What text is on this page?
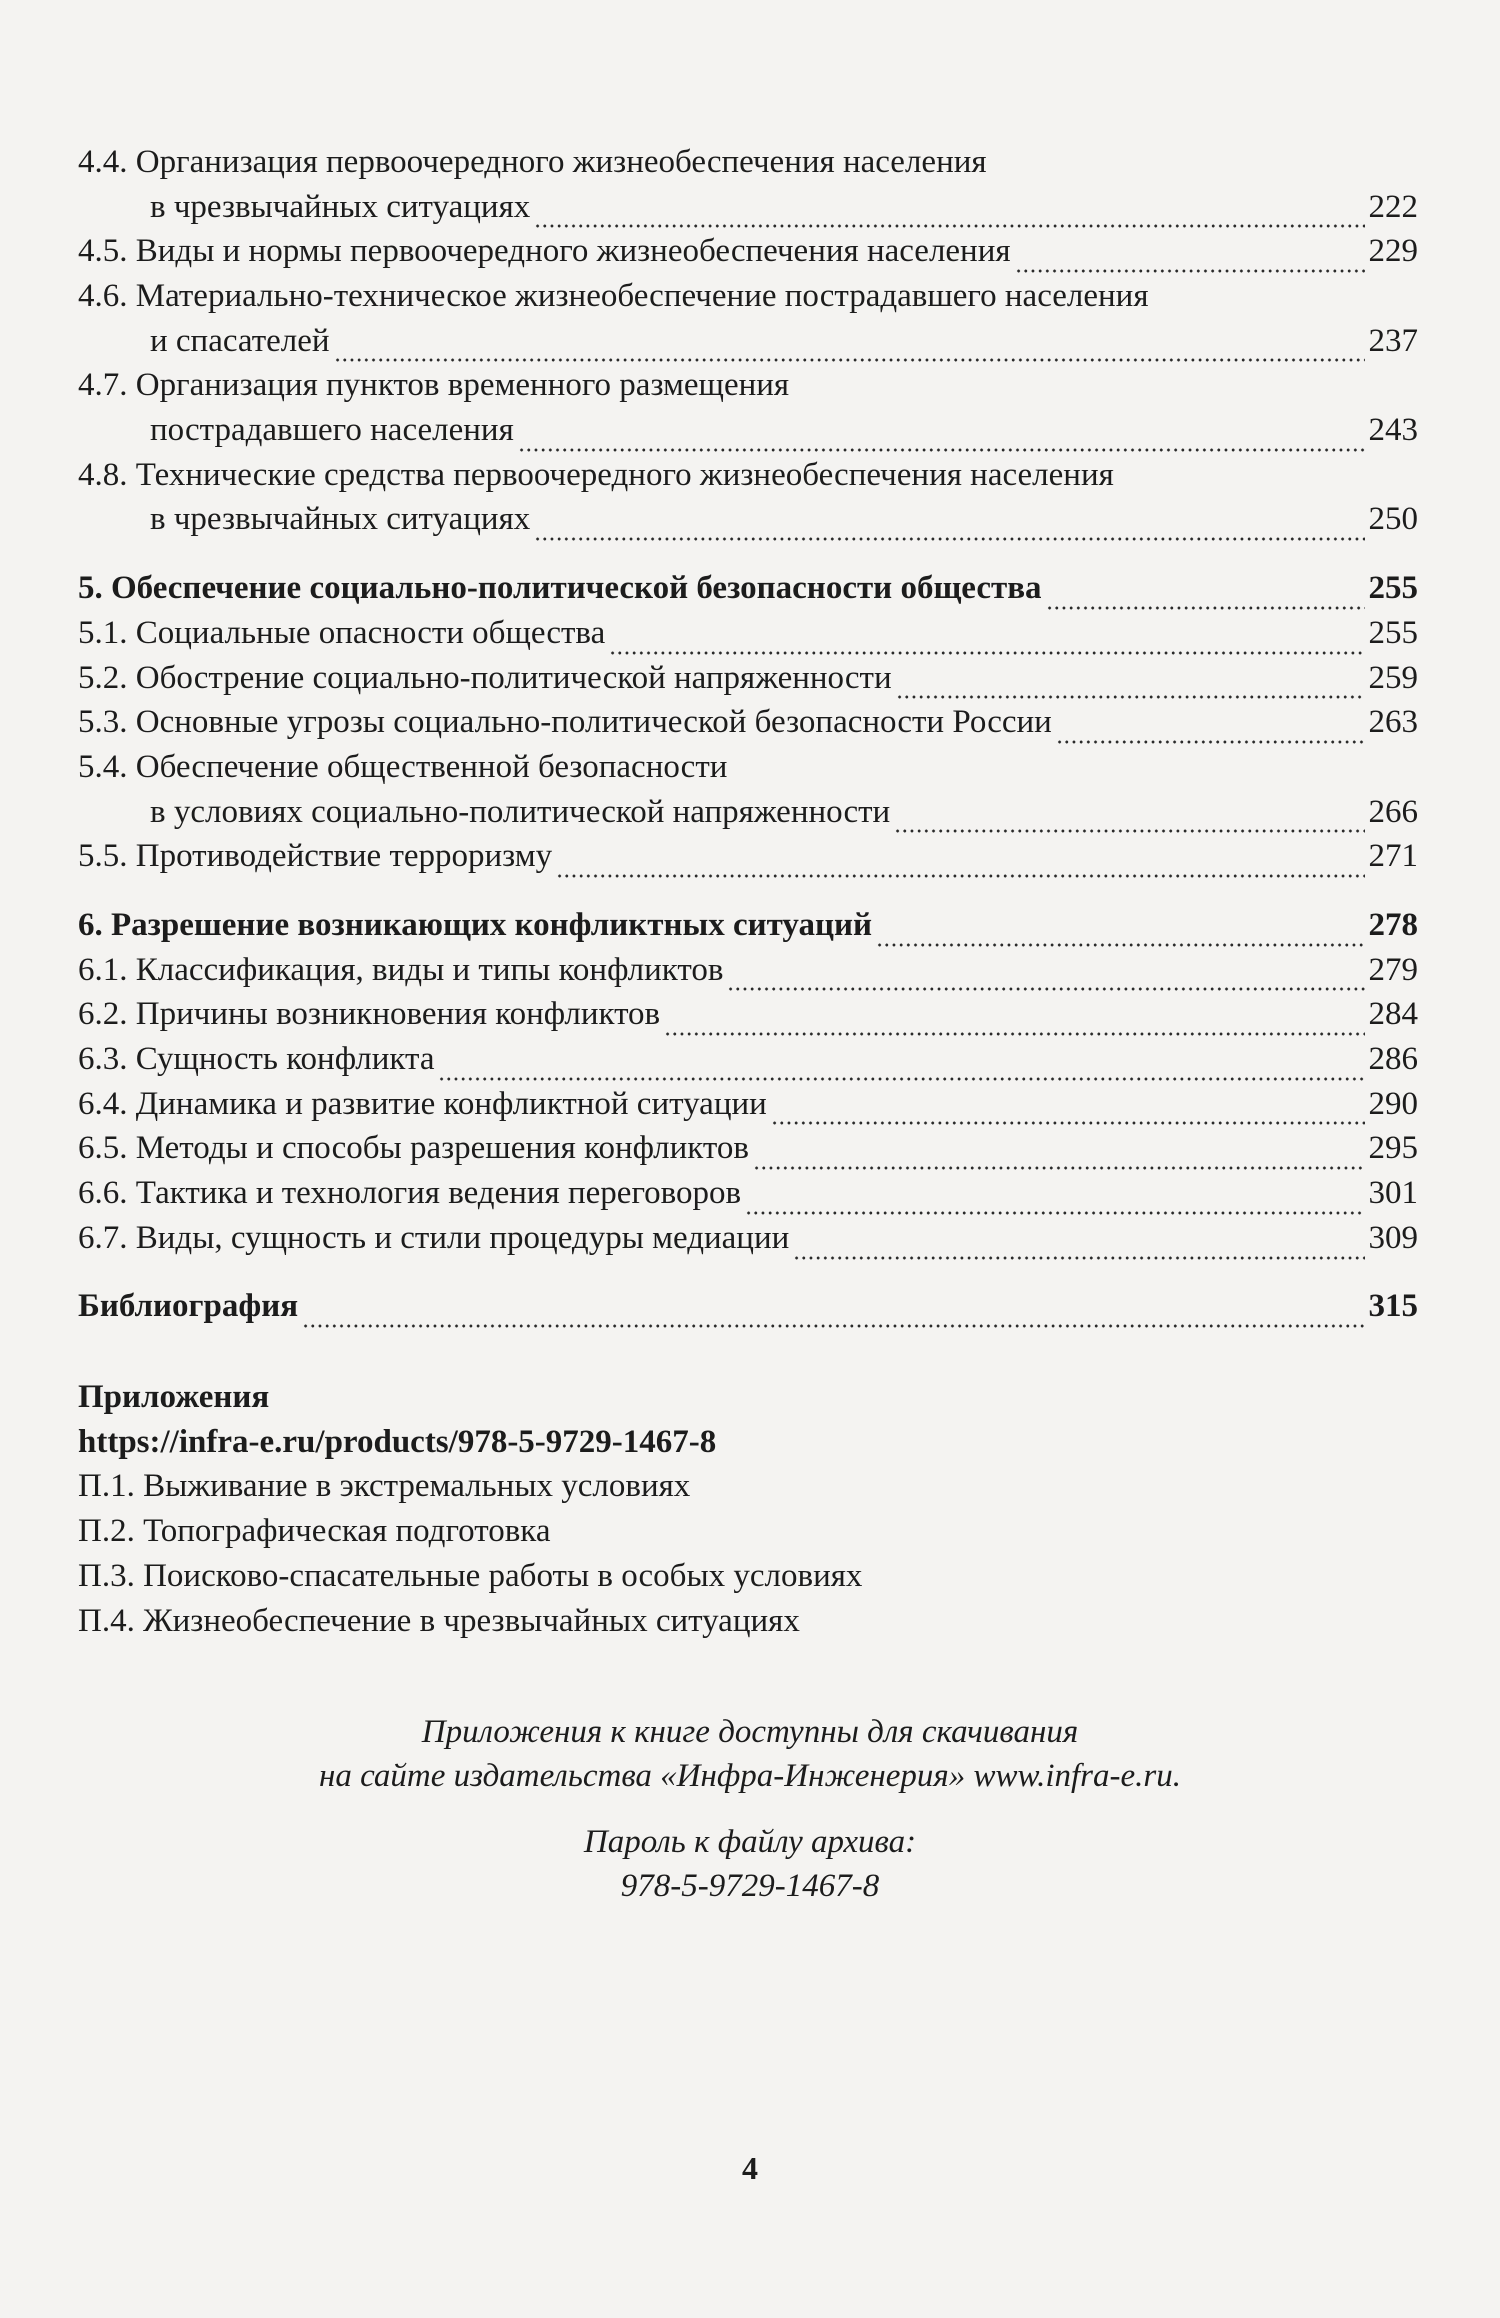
4.4. Организация первоочередного жизнеобеспечения населения
в чрезвычайных ситуациях	222
4.5. Виды и нормы первоочередного жизнеобеспечения населения	229
4.6. Материально-техническое жизнеобеспечение пострадавшего населения
и спасателей	237
4.7. Организация пунктов временного размещения
пострадавшего населения	243
4.8. Технические средства первоочередного жизнеобеспечения населения
в чрезвычайных ситуациях	250
5. Обеспечение социально-политической безопасности общества	255
5.1. Социальные опасности общества	255
5.2. Обострение социально-политической напряженности	259
5.3. Основные угрозы социально-политической безопасности России	263
5.4. Обеспечение общественной безопасности
в условиях социально-политической напряженности	266
5.5. Противодействие терроризму	271
6. Разрешение возникающих конфликтных ситуаций	278
6.1. Классификация, виды и типы конфликтов	279
6.2. Причины возникновения конфликтов	284
6.3. Сущность конфликта	286
6.4. Динамика и развитие конфликтной ситуации	290
6.5. Методы и способы разрешения конфликтов	295
6.6. Тактика и технология ведения переговоров	301
6.7. Виды, сущность и стили процедуры медиации	309
Библиография	315
Приложения
https://infra-e.ru/products/978-5-9729-1467-8
П.1. Выживание в экстремальных условиях
П.2. Топографическая подготовка
П.3. Поисково-спасательные работы в особых условиях
П.4. Жизнеобеспечение в чрезвычайных ситуациях
Приложения к книге доступны для скачивания
на сайте издательства «Инфра-Инженерия» www.infra-e.ru.
Пароль к файлу архива:
978-5-9729-1467-8
4
